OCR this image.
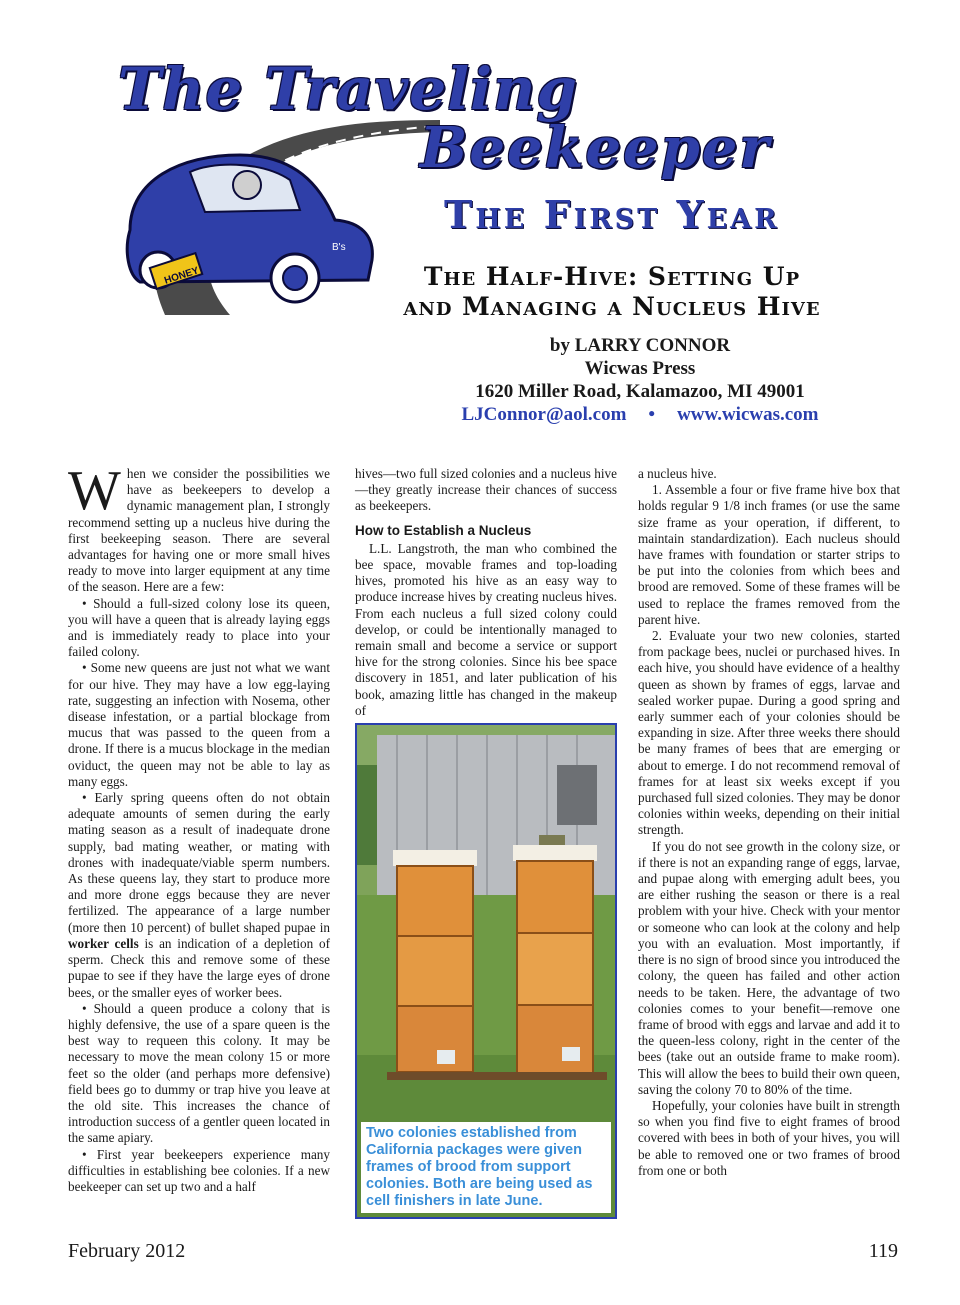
The Traveling
HONEY
B's
Beekeeper
The First Year
The Half-Hive: Setting Up
and Managing a Nucleus Hive
by LARRY CONNOR
Wicwas Press
1620 Miller Road, Kalamazoo, MI 49001
LJConnor@aol.com • www.wicwas.com

When we consider the possibilities we have as beekeepers to develop a dynamic management plan, I strongly recommend setting up a nucleus hive during the first beekeeping season. There are several advantages for having one or more small hives ready to move into larger equipment at any time of the season. Here are a few:

• Should a full-sized colony lose its queen, you will have a queen that is already laying eggs and is immediately ready to place into your failed colony.

• Some new queens are just not what we want for our hive. They may have a low egg-laying rate, suggesting an infection with Nosema, other disease infestation, or a partial blockage from mucus that was passed to the queen from a drone. If there is a mucus blockage in the median oviduct, the queen may not be able to lay as many eggs.

• Early spring queens often do not obtain adequate amounts of semen during the early mating season as a result of inadequate drone supply, bad mating weather, or mating with drones with inadequate/viable sperm numbers. As these queens lay, they start to produce more and more drone eggs because they are never fertilized. The appearance of a large number (more then 10 percent) of bullet shaped pupae in worker cells is an indication of a depletion of sperm. Check this and remove some of these pupae to see if they have the large eyes of drone bees, or the smaller eyes of worker bees.

• Should a queen produce a colony that is highly defensive, the use of a spare queen is the best way to requeen this colony. It may be necessary to move the mean colony 15 or more feet so the older (and perhaps more defensive) field bees go to dummy or trap hive you leave at the old site. This increases the chance of introduction success of a gentler queen located in the same apiary.

• First year beekeepers experience many difficulties in establishing bee colonies. If a new beekeeper can set up two and a half

hives—two full sized colonies and a nucleus hive—they greatly increase their chances of success as beekeepers.

How to Establish a Nucleus

L.L. Langstroth, the man who combined the bee space, movable frames and top-loading hives, promoted his hive as an easy way to produce increase hives by creating nucleus hives. From each nucleus a full sized colony could develop, or could be intentionally managed to remain small and become a service or support hive for the strong colonies. Since his bee space discovery in 1851, and later publication of his book, amazing little has changed in the makeup of

Two colonies established from California packages were given frames of brood from support colonies. Both are being used as cell finishers in late June.

a nucleus hive.

1. Assemble a four or five frame hive box that holds regular 9 1/8 inch frames (or use the same size frame as your operation, if different, to maintain standardization). Each nucleus should have frames with foundation or starter strips to be put into the colonies from which bees and brood are removed. Some of these frames will be used to replace the frames removed from the parent hive.

2. Evaluate your two new colonies, started from package bees, nuclei or purchased hives. In each hive, you should have evidence of a healthy queen as shown by frames of eggs, larvae and sealed worker pupae. During a good spring and early summer each of your colonies should be expanding in size. After three weeks there should be many frames of bees that are emerging or about to emerge. I do not recommend removal of frames for at least six weeks except if you purchased full sized colonies. They may be donor colonies within weeks, depending on their initial strength.

If you do not see growth in the colony size, or if there is not an expanding range of eggs, larvae, and pupae along with emerging adult bees, you are either rushing the season or there is a real problem with your hive. Check with your mentor or someone who can look at the colony and help you with an evaluation. Most importantly, if there is no sign of brood since you introduced the colony, the queen has failed and other action needs to be taken. Here, the advantage of two colonies comes to your benefit—remove one frame of brood with eggs and larvae and add it to the queen-less colony, right in the center of the bees (take out an outside frame to make room). This will allow the bees to build their own queen, saving the colony 70 to 80% of the time.

Hopefully, your colonies have built in strength so when you find five to eight frames of brood covered with bees in both of your hives, you will be able to removed one or two frames of brood from one or both

February 2012	119
